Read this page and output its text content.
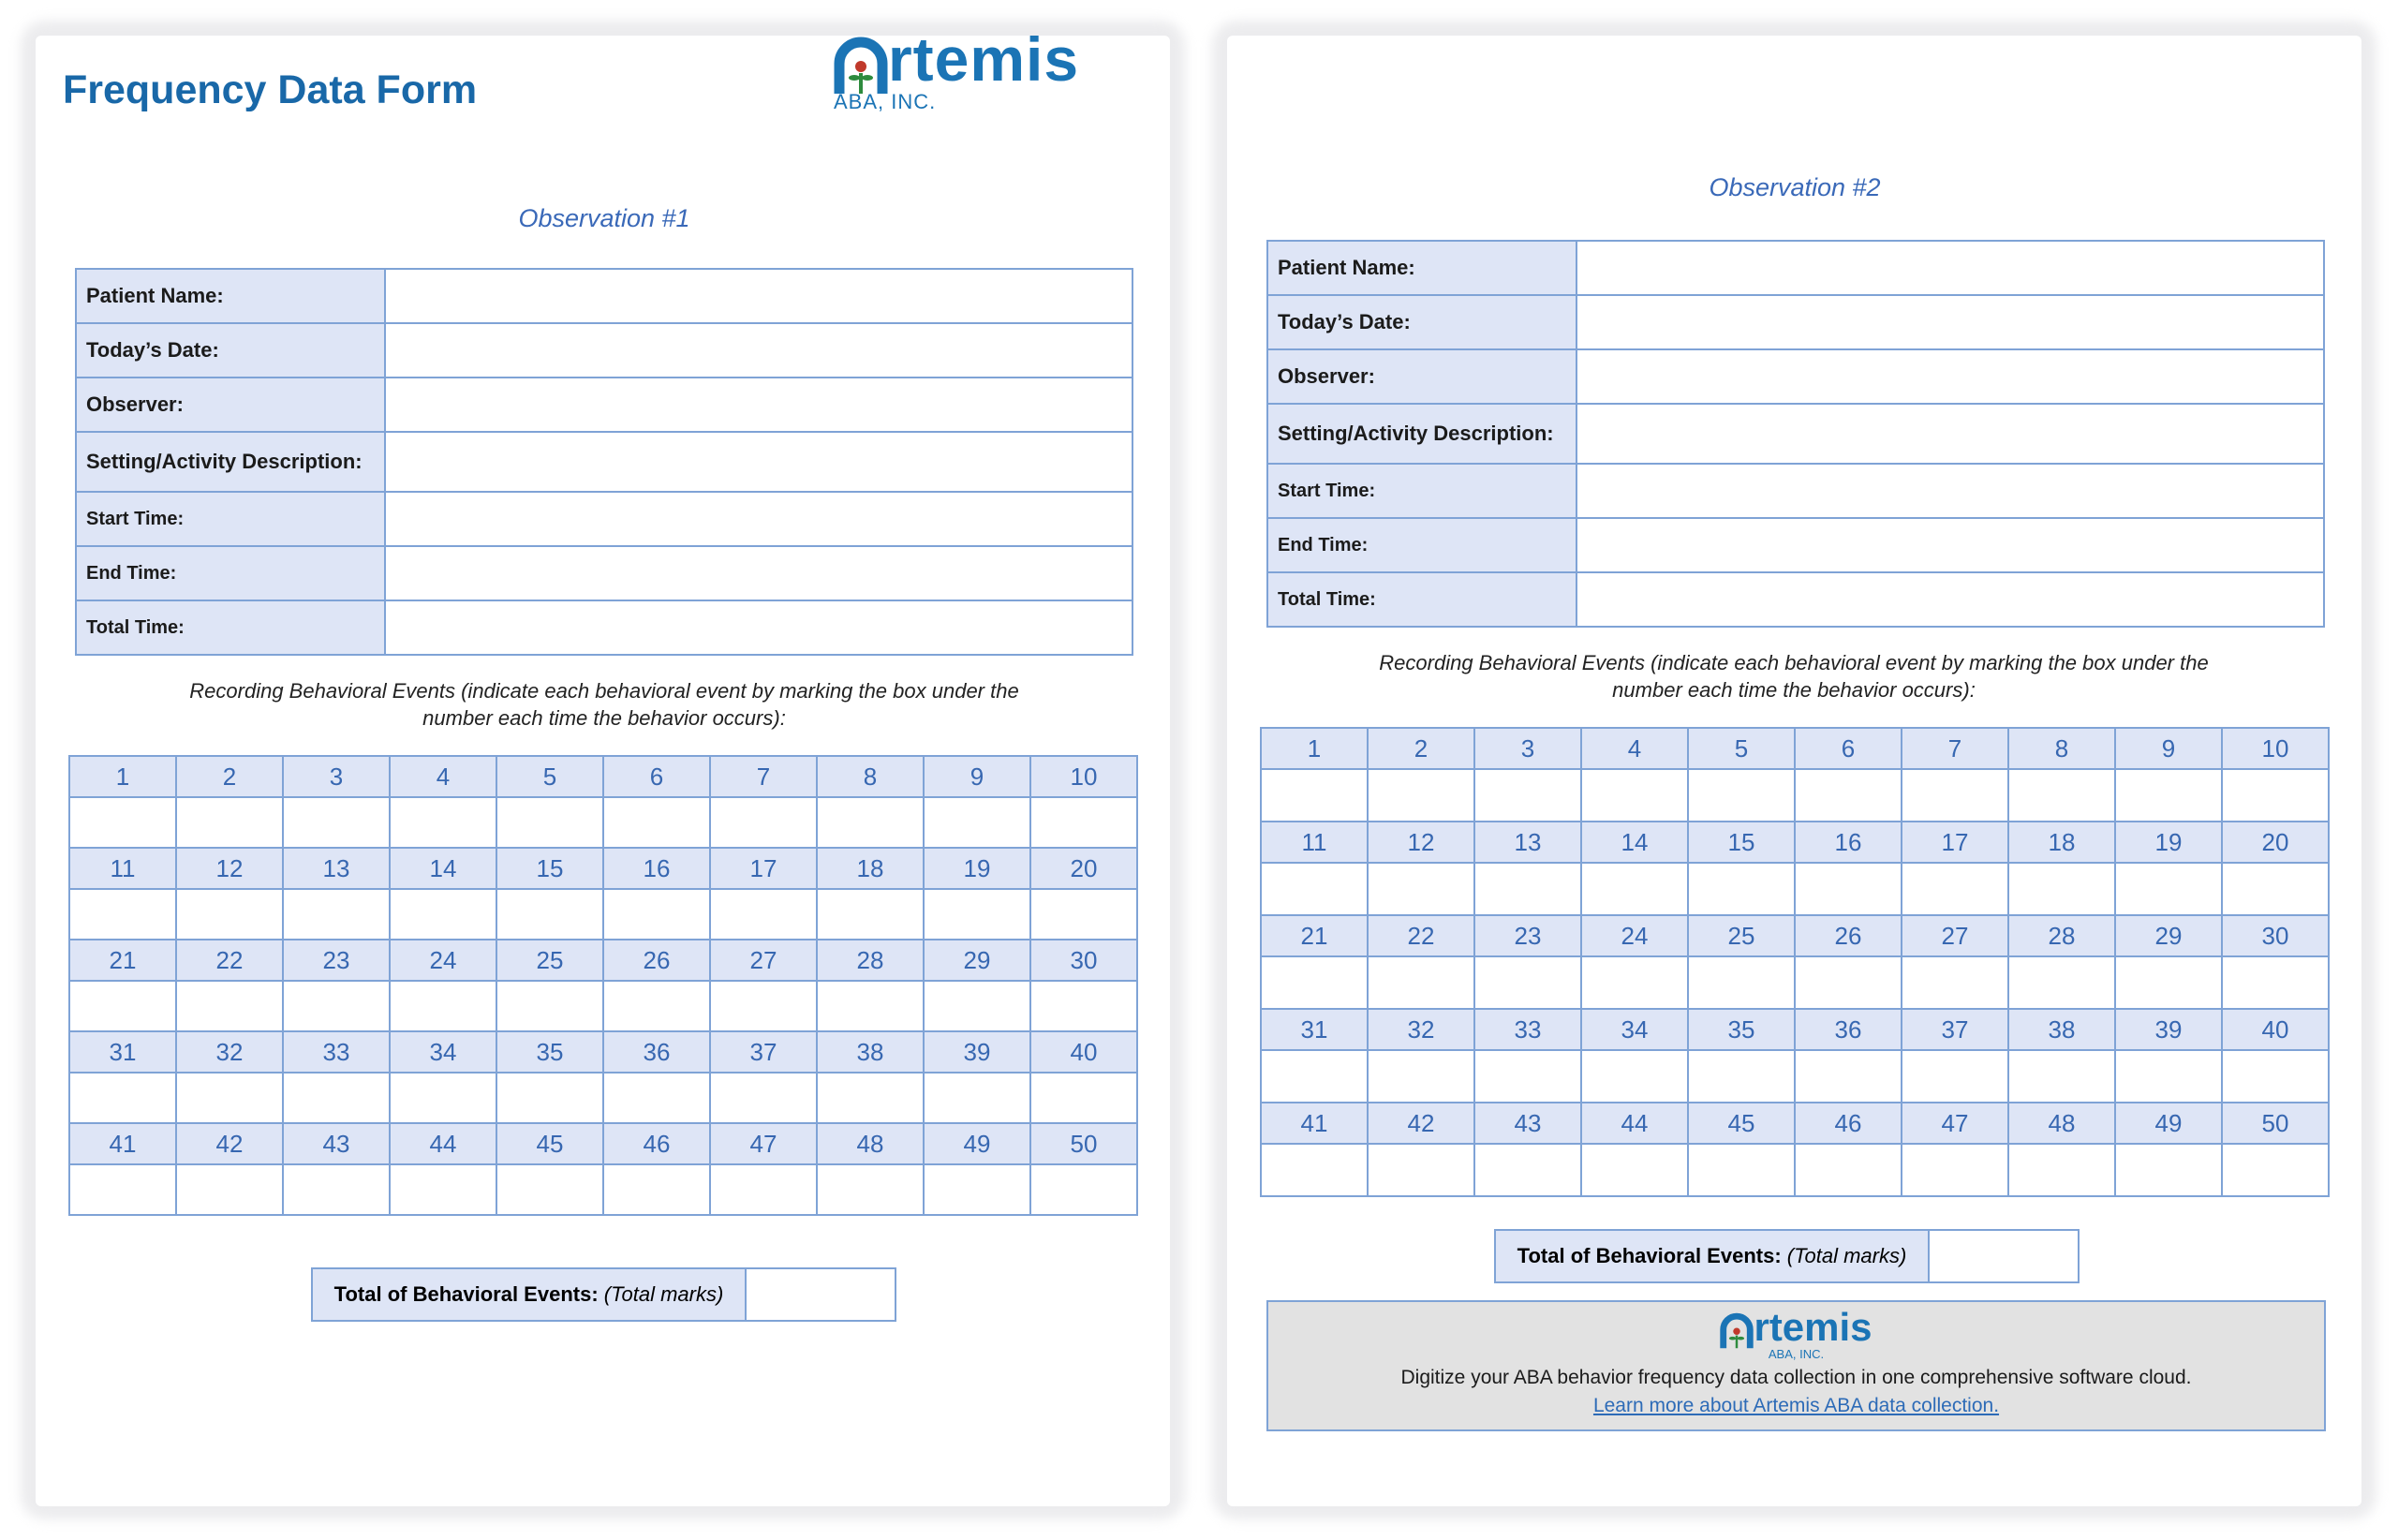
Frequency Data Form	rtemis
ABA, INC.
Observation #1
Patient Name:	
Today’s Date:	
Observer:	
Setting/Activity Description:	
Start Time:	
End Time:	
Total Time:	
Recording Behavioral Events (indicate each behavioral event by marking the box under the number each time the behavior occurs):
1	2	3	4	5	6	7	8	9	10

11	12	13	14	15	16	17	18	19	20

21	22	23	24	25	26	27	28	29	30

31	32	33	34	35	36	37	38	39	40

41	42	43	44	45	46	47	48	49	50

Total of Behavioral Events: (Total marks)	
Observation #2
Patient Name:	
Today’s Date:	
Observer:	
Setting/Activity Description:	
Start Time:	
End Time:	
Total Time:	
Recording Behavioral Events (indicate each behavioral event by marking the box under the number each time the behavior occurs):
1	2	3	4	5	6	7	8	9	10

11	12	13	14	15	16	17	18	19	20

21	22	23	24	25	26	27	28	29	30

31	32	33	34	35	36	37	38	39	40

41	42	43	44	45	46	47	48	49	50

Total of Behavioral Events: (Total marks)	
rtemis
ABA, INC.
Digitize your ABA behavior frequency data collection in one comprehensive software cloud.
Learn more about Artemis ABA data collection.
